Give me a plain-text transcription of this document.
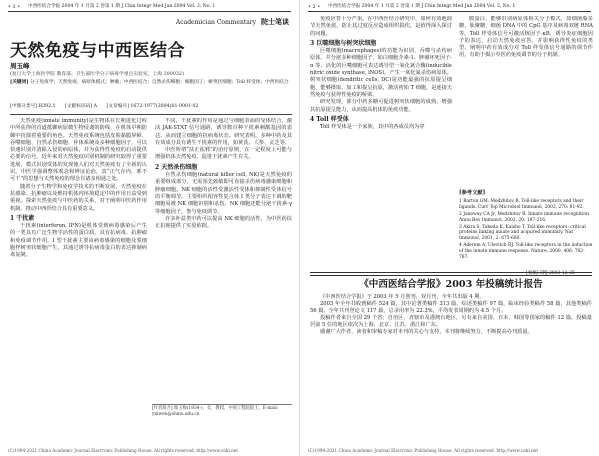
• 1 • 中西医结合学报 2004 年 1 月第 2 卷第 1 期 J Chin Integr Med Jan 2004 Vol. 2, No. 1
Academician Commentary 院士笔谈
天然免疫与中西医结合
周玉峰
(复旦大学上海医学院 教育部、卫生部医学分子病毒学重点实验室，上海 200032)
[关键词] 分子免疫学；天然免疫；病原体模式；肿瘤；中西医结合；自然杀伤细胞；细胞因子；树突状细胞；Toll 样受体；中西医结合
[中图分类号] R392.1 [文献标识码] A [文章编号] 1672-1977(2004)01-0001-02

天然免疫(innate immunity)是生物体在长期进化过程中所获得的首道抵御病原微生物侵袭的防线，在机体早期防御中扮演着重要的角色。天然免疫系统包括皮肤黏膜屏障、吞噬细胞、自然杀伤细胞、补体系统及多种细胞因子，可以快速识别并清除入侵的病原体，并为获得性免疫的启动提供必要的信号。近年来对天然免疫识别机制的研究取得了重要进展，模式识别受体的发现使人们对天然免疫有了全新的认识。中医学强调整体观念和辨证论治，其“正气存内，邪不可干”的思想与天然免疫的理念有诸多相通之处。

随着分子生物学和免疫学技术的不断发展，天然免疫在抗感染、抗肿瘤以及维持机体内环境稳定中的作用日益受到重视。探索天然免疫与中医药的关系，对于阐明中医药作用机制、推动中西医结合具有重要意义。

1 干扰素

干扰素(interferon, IFN)是机体受到病毒感染后产生的一类具有广泛生物学活性的蛋白质，具有抗病毒、抗肿瘤和免疫调节作用。I 型干扰素主要由病毒感染的细胞及浆细胞样树突状细胞产生，其通过诱导抗病毒蛋白的表达抑制病毒复制。

不同，干扰素的作用是通过与细胞表面的受体结合，激活 JAK-STAT 信号通路，诱导数百种干扰素刺激基因的表达，从而建立细胞的抗病毒状态。研究表明，多种中药及其有效成分具有诱生干扰素的作用，如黄芪、人参、灵芝等。

中医所谓“扶正祛邪”的治疗原则，在一定程度上可能与增强机体天然免疫、促进干扰素产生有关。

2 天然杀伤细胞

自然杀伤细胞(natural killer cell, NK)是天然免疫的重要组成部分，无需预先致敏即可直接杀伤病毒感染细胞和肿瘤细胞。NK 细胞的活性受激活性受体和抑制性受体信号的平衡调节。主要组织相容性复合体 I 类分子表达下调的靶细胞易被 NK 细胞识别和杀伤。NK 细胞还能分泌干扰素-γ 等细胞因子，参与免疫调节。

许多补益类中药可以提高 NK 细胞的活性，为中医药扶正抗癌提供了实验依据。

[作者简介] 闻玉梅(1934-)，女，教授，中国工程院院士。E-mail: ymwen@shmu.edu.cn
(C)1994-2021 China Academic Journal Electronic Publishing House. All rights reserved. http://www.cnki.net
• 2 • 中西医结合学报 2004 年 1 月第 2 卷第 1 期 J Chin Integr Med Jan 2004 Vol. 2, No. 1

免疫应答十分严重。在中西医结合研究中，如何有效地调节天然免疫，防止其过度反应造成组织损伤，是值得深入探讨的问题。

3 巨噬细胞与树突状细胞

巨噬细胞(macrophages)的功能为识别、吞噬与杀伤病原体，并分泌多种细胞因子，如白细胞介素-1、肿瘤坏死因子-α 等。活化的巨噬细胞可表达诱导型一氧化氮合酶(inducible nitric oxide synthase, iNOS)，产生一氧化氮杀伤病原体。树突状细胞(dendritic cells, DC)是功能最强的抗原提呈细胞，能够摄取、加工和提呈抗原，激活初始 T 细胞，是连接天然免疫与获得性免疫的桥梁。

研究发现，部分中药多糖可促进树突状细胞的成熟，增强其抗原提呈能力，从而提高机体的免疫功能。

4 Toll 样受体

Toll 样受体是一个家族，其中的各成员均为穿

膜蛋白，能够识别病原体相关分子模式，如细菌脂多糖、肽聚糖、细菌 DNA 中的 CpG 基序及病毒双链 RNA 等。Toll 样受体信号可激活核因子-κB，诱导炎症细胞因子的表达，启动天然免疫应答，并影响获得性免疫的类型。阐明中药有效成分对 Toll 样受体信号通路的调节作用，有助于揭示中医药免疫调节的分子机制。

[参考文献]
1 Barton GM, Medzhitov R. Toll-like receptors and their ligands. Curr Top Microbiol Immunol, 2002, 270: 81-92.
2 Janeway CA Jr, Medzhitov R. Innate immune recognition. Annu Rev Immunol, 2002, 20: 197-216.
3 Akira S, Takeda K, Kaisho T. Toll-like receptors: critical proteins linking innate and acquired immunity. Nat Immunol, 2001, 2: 675-680.
4 Aderem A, Ulevitch RJ. Toll-like receptors in the induction of the innate immune response. Nature, 2000, 406: 782-787.
[收稿日期] 2003-12-25
《中西医结合学报》2003 年投稿统计报告

《中西医结合学报》于 2003 年 5 月创刊，双月刊，全年共出版 4 期。

2003 年全年共收到稿件 524 篇，其中论著类稿件 313 篇，综述类稿件 97 篇，临床经验类稿件 58 篇，其他类稿件 56 篇。全年共刊登论文 117 篇，总录用率为 22.3%，平均发表周期约为 4.5 个月。

投稿作者来自全国 29 个省、自治区、直辖市及港澳台地区，另有来自美国、日本、韩国等国家的稿件 12 篇。投稿量居前 5 位的地区依次为上海、北京、江苏、浙江和广东。

感谢广大作者、读者和审稿专家对本刊的关心与支持，本刊将继续努力，不断提高办刊质量。

(C)1994-2021 China Academic Journal Electronic Publishing House. All rights reserved. http://www.cnki.net
